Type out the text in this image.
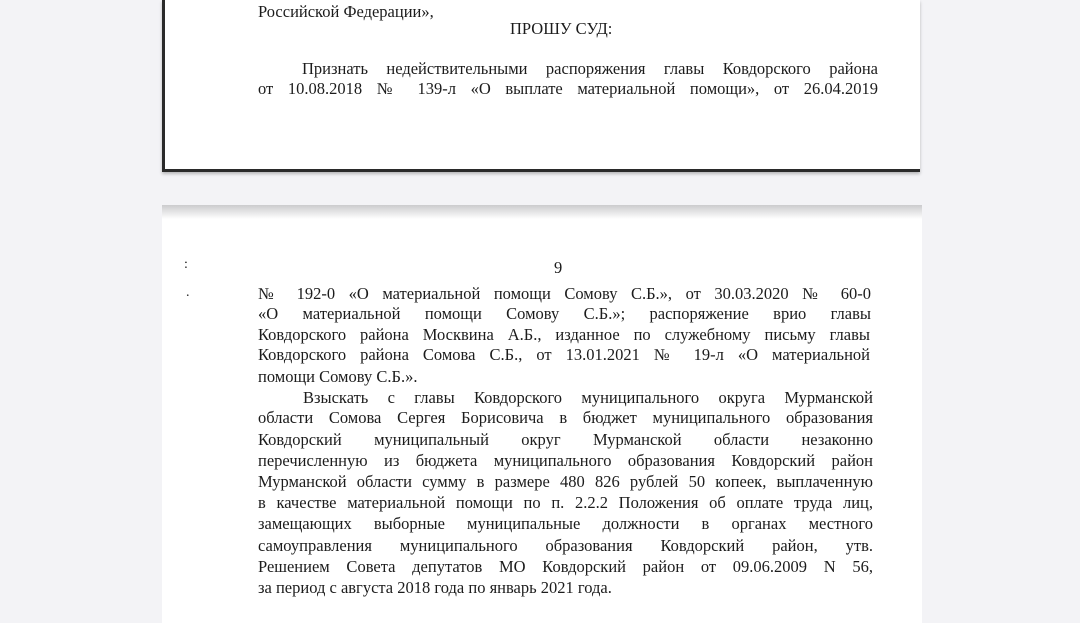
Российской Федерации»,
ПРОШУ СУД:
Признать недействительными распоряжения главы Ковдорского района
от 10.08.2018 № 139-л «О выплате материальной помощи», от 26.04.2019
9
:
.	№ 192-0 «О материальной помощи Сомову С.Б.», от 30.03.2020 № 60-0
«О материальной помощи Сомову С.Б.»; распоряжение врио главы
Ковдорского района Москвина А.Б., изданное по служебному письму главы
Ковдорского района Сомова С.Б., от 13.01.2021 № 19-л «О материальной
помощи Сомову С.Б.».
Взыскать с главы Ковдорского муниципального округа Мурманской
области Сомова Сергея Борисовича в бюджет муниципального образования
Ковдорский муниципальный округ Мурманской области незаконно
перечисленную из бюджета муниципального образования Ковдорский район
Мурманской области сумму в размере 480 826 рублей 50 копеек, выплаченную
в качестве материальной помощи по п. 2.2.2 Положения об оплате труда лиц,
замещающих выборные муниципальные должности в органах местного
самоуправления муниципального образования Ковдорский район, утв.
Решением Совета депутатов МО Ковдорский район от 09.06.2009 N 56,
за период с августа 2018 года по январь 2021 года.
